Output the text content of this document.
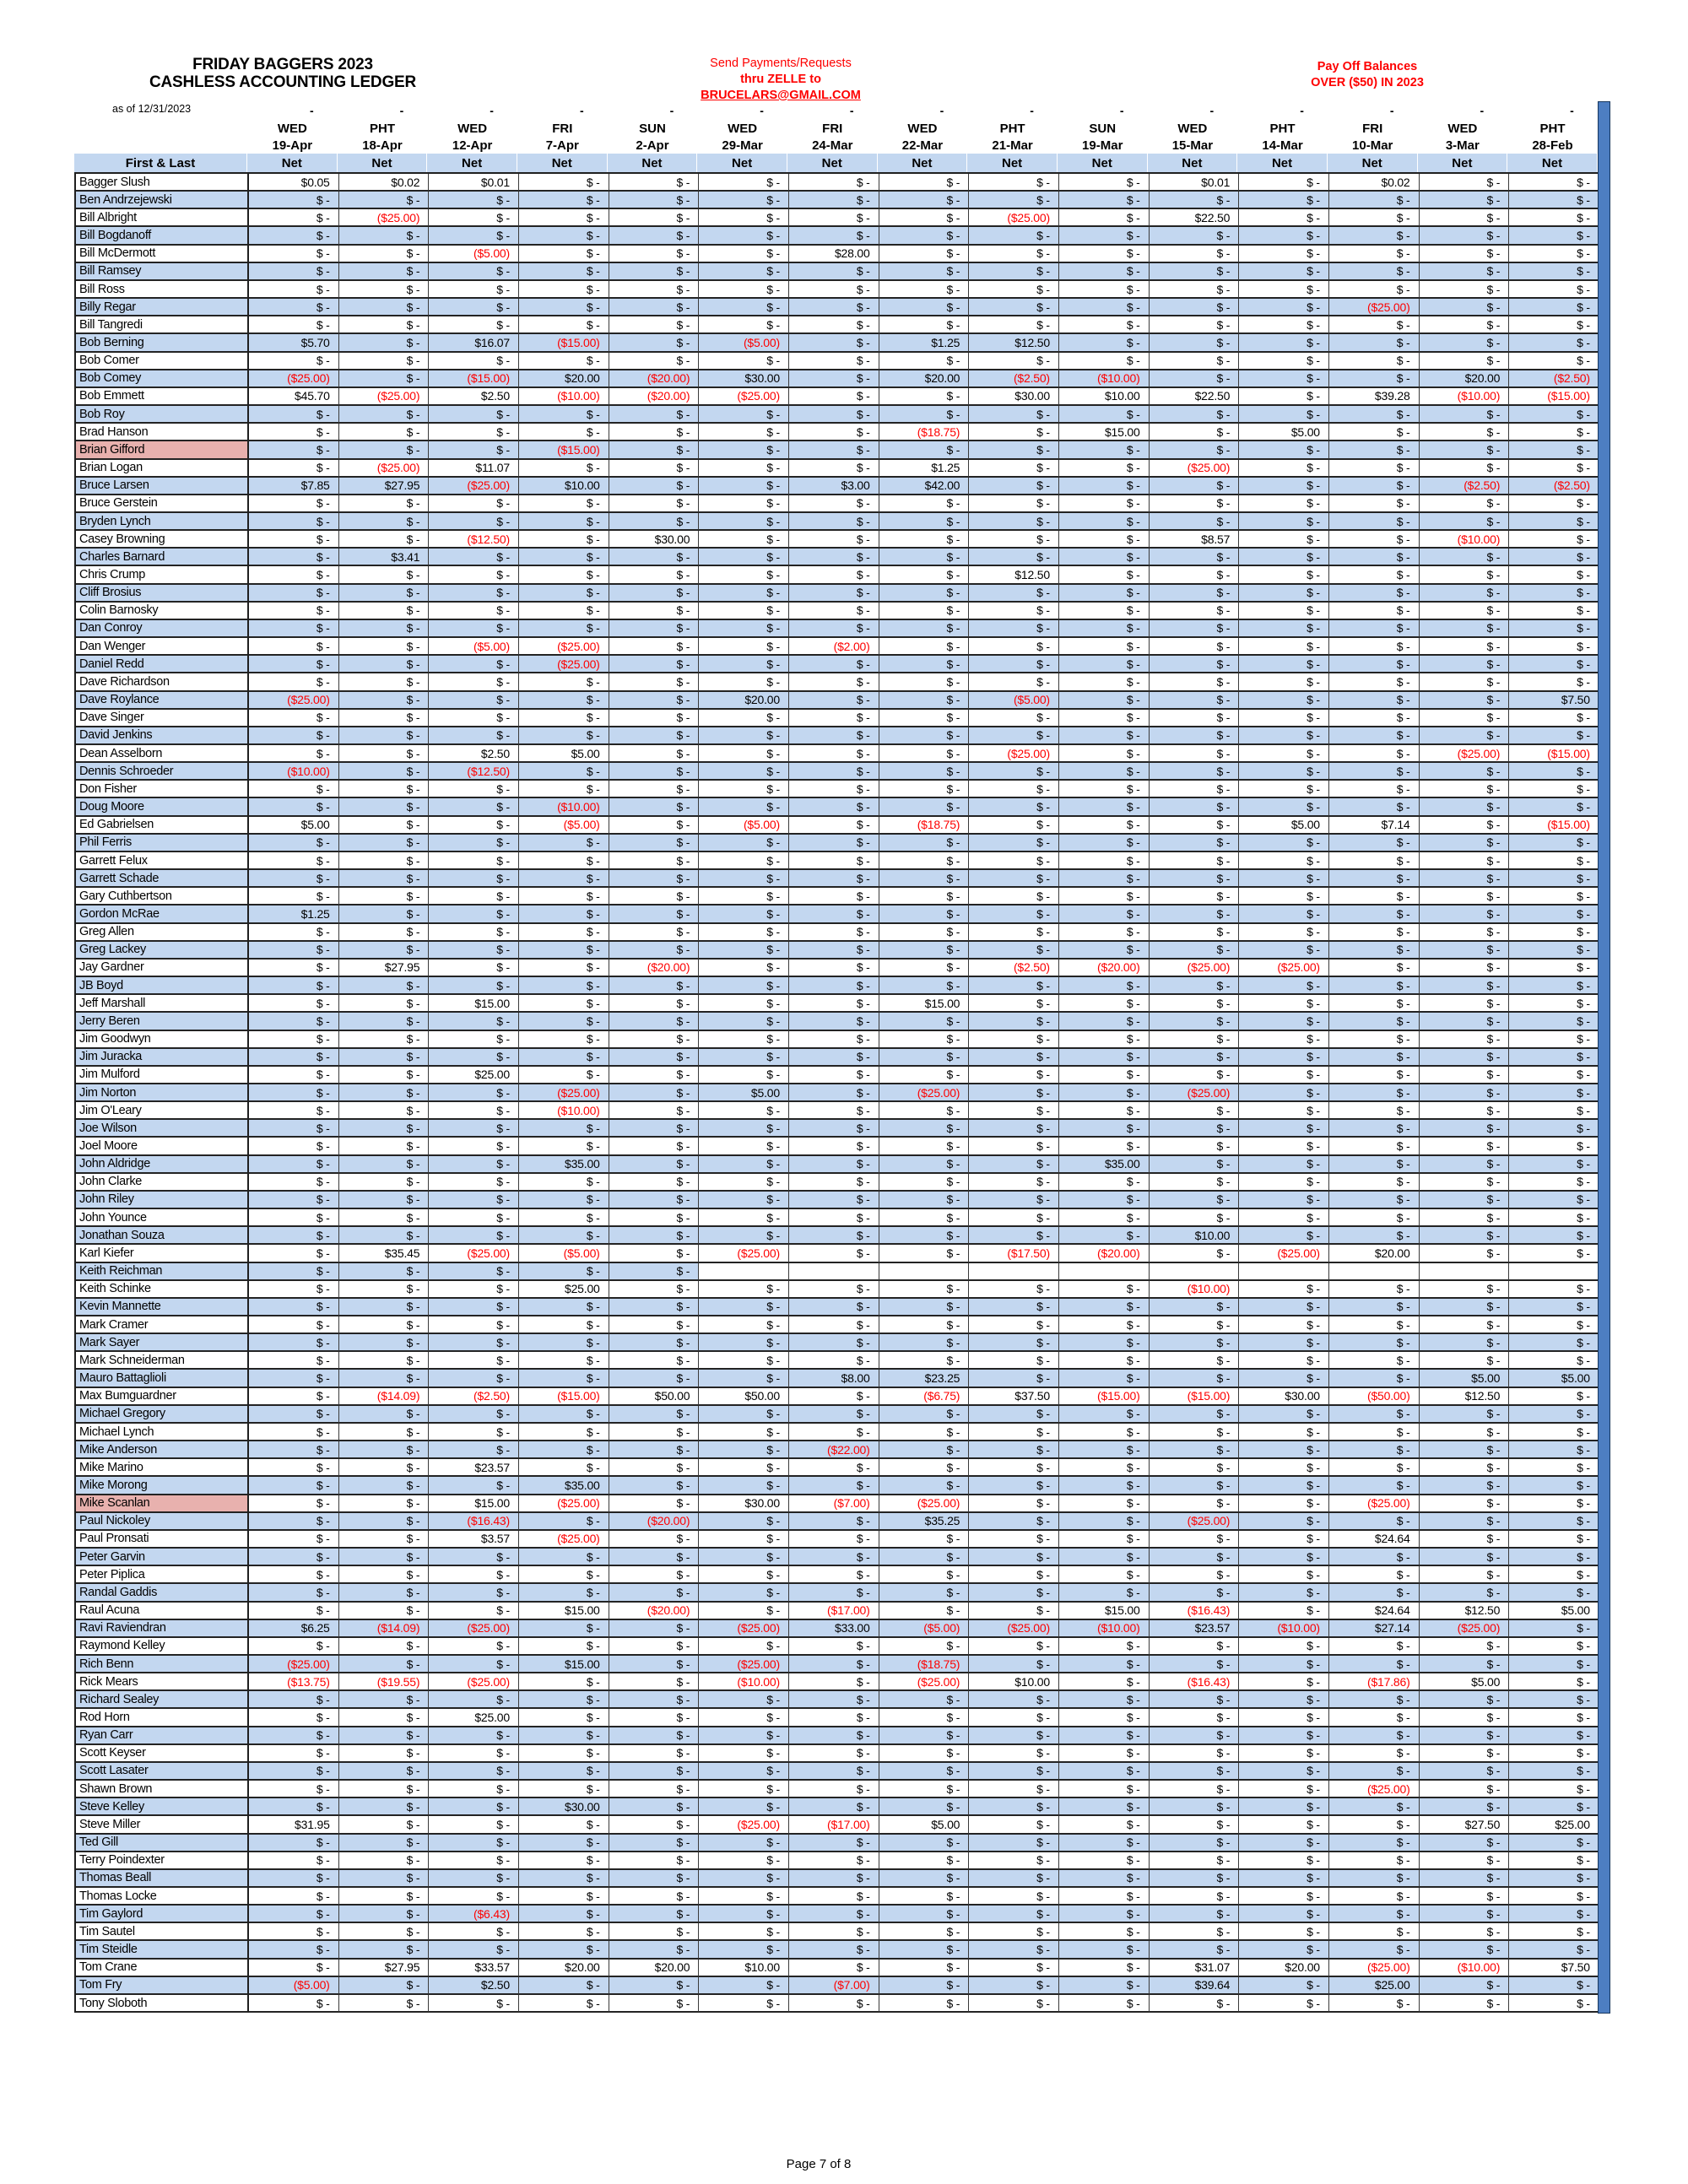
FRIDAY BAGGERS 2023
CASHLESS ACCOUNTING LEDGER
as of 12/31/2023
Send Payments/Requests
thru ZELLE to
BRUCELARS@GMAIL.COM
Pay Off Balances
OVER ($50) IN 2023
-	-	-	-	-	-	-	-	-	-	-	-	-	-	-
WED	PHT	WED	FRI	SUN	WED	FRI	WED	PHT	SUN	WED	PHT	FRI	WED	PHT
19-Apr	18-Apr	12-Apr	7-Apr	2-Apr	29-Mar	24-Mar	22-Mar	21-Mar	19-Mar	15-Mar	14-Mar	10-Mar	3-Mar	28-Feb
First & Last	Net	Net	Net	Net	Net	Net	Net	Net	Net	Net	Net	Net	Net	Net	Net
Bagger Slush	$0.05	$0.02	$0.01	$ -	$ -	$ -	$ -	$ -	$ -	$ -	$0.01	$ -	$0.02	$ -	$ -
Ben Andrzejewski	$ -	$ -	$ -	$ -	$ -	$ -	$ -	$ -	$ -	$ -	$ -	$ -	$ -	$ -	$ -
Bill Albright	$ -	($25.00)	$ -	$ -	$ -	$ -	$ -	$ -	($25.00)	$ -	$22.50	$ -	$ -	$ -	$ -
Bill Bogdanoff	$ -	$ -	$ -	$ -	$ -	$ -	$ -	$ -	$ -	$ -	$ -	$ -	$ -	$ -	$ -
Bill McDermott	$ -	$ -	($5.00)	$ -	$ -	$ -	$28.00	$ -	$ -	$ -	$ -	$ -	$ -	$ -	$ -
Bill Ramsey	$ -	$ -	$ -	$ -	$ -	$ -	$ -	$ -	$ -	$ -	$ -	$ -	$ -	$ -	$ -
Bill Ross	$ -	$ -	$ -	$ -	$ -	$ -	$ -	$ -	$ -	$ -	$ -	$ -	$ -	$ -	$ -
Billy Regar	$ -	$ -	$ -	$ -	$ -	$ -	$ -	$ -	$ -	$ -	$ -	$ -	($25.00)	$ -	$ -
Bill Tangredi	$ -	$ -	$ -	$ -	$ -	$ -	$ -	$ -	$ -	$ -	$ -	$ -	$ -	$ -	$ -
Bob Berning	$5.70	$ -	$16.07	($15.00)	$ -	($5.00)	$ -	$1.25	$12.50	$ -	$ -	$ -	$ -	$ -	$ -
Bob Comer	$ -	$ -	$ -	$ -	$ -	$ -	$ -	$ -	$ -	$ -	$ -	$ -	$ -	$ -	$ -
Bob Comey	($25.00)	$ -	($15.00)	$20.00	($20.00)	$30.00	$ -	$20.00	($2.50)	($10.00)	$ -	$ -	$ -	$20.00	($2.50)
Bob Emmett	$45.70	($25.00)	$2.50	($10.00)	($20.00)	($25.00)	$ -	$ -	$30.00	$10.00	$22.50	$ -	$39.28	($10.00)	($15.00)
Bob Roy	$ -	$ -	$ -	$ -	$ -	$ -	$ -	$ -	$ -	$ -	$ -	$ -	$ -	$ -	$ -
Brad Hanson	$ -	$ -	$ -	$ -	$ -	$ -	$ -	($18.75)	$ -	$15.00	$ -	$5.00	$ -	$ -	$ -
Brian Gifford	$ -	$ -	$ -	($15.00)	$ -	$ -	$ -	$ -	$ -	$ -	$ -	$ -	$ -	$ -	$ -
Brian Logan	$ -	($25.00)	$11.07	$ -	$ -	$ -	$ -	$1.25	$ -	$ -	($25.00)	$ -	$ -	$ -	$ -
Bruce Larsen	$7.85	$27.95	($25.00)	$10.00	$ -	$ -	$3.00	$42.00	$ -	$ -	$ -	$ -	$ -	($2.50)	($2.50)
Bruce Gerstein	$ -	$ -	$ -	$ -	$ -	$ -	$ -	$ -	$ -	$ -	$ -	$ -	$ -	$ -	$ -
Bryden Lynch	$ -	$ -	$ -	$ -	$ -	$ -	$ -	$ -	$ -	$ -	$ -	$ -	$ -	$ -	$ -
Casey Browning	$ -	$ -	($12.50)	$ -	$30.00	$ -	$ -	$ -	$ -	$ -	$8.57	$ -	$ -	($10.00)	$ -
Charles Barnard	$ -	$3.41	$ -	$ -	$ -	$ -	$ -	$ -	$ -	$ -	$ -	$ -	$ -	$ -	$ -
Chris Crump	$ -	$ -	$ -	$ -	$ -	$ -	$ -	$ -	$12.50	$ -	$ -	$ -	$ -	$ -	$ -
Cliff Brosius	$ -	$ -	$ -	$ -	$ -	$ -	$ -	$ -	$ -	$ -	$ -	$ -	$ -	$ -	$ -
Colin Barnosky	$ -	$ -	$ -	$ -	$ -	$ -	$ -	$ -	$ -	$ -	$ -	$ -	$ -	$ -	$ -
Dan Conroy	$ -	$ -	$ -	$ -	$ -	$ -	$ -	$ -	$ -	$ -	$ -	$ -	$ -	$ -	$ -
Dan Wenger	$ -	$ -	($5.00)	($25.00)	$ -	$ -	($2.00)	$ -	$ -	$ -	$ -	$ -	$ -	$ -	$ -
Daniel Redd	$ -	$ -	$ -	($25.00)	$ -	$ -	$ -	$ -	$ -	$ -	$ -	$ -	$ -	$ -	$ -
Dave Richardson	$ -	$ -	$ -	$ -	$ -	$ -	$ -	$ -	$ -	$ -	$ -	$ -	$ -	$ -	$ -
Dave Roylance	($25.00)	$ -	$ -	$ -	$ -	$20.00	$ -	$ -	($5.00)	$ -	$ -	$ -	$ -	$ -	$7.50
Dave Singer	$ -	$ -	$ -	$ -	$ -	$ -	$ -	$ -	$ -	$ -	$ -	$ -	$ -	$ -	$ -
David Jenkins	$ -	$ -	$ -	$ -	$ -	$ -	$ -	$ -	$ -	$ -	$ -	$ -	$ -	$ -	$ -
Dean Asselborn	$ -	$ -	$2.50	$5.00	$ -	$ -	$ -	$ -	($25.00)	$ -	$ -	$ -	$ -	($25.00)	($15.00)
Dennis Schroeder	($10.00)	$ -	($12.50)	$ -	$ -	$ -	$ -	$ -	$ -	$ -	$ -	$ -	$ -	$ -	$ -
Don Fisher	$ -	$ -	$ -	$ -	$ -	$ -	$ -	$ -	$ -	$ -	$ -	$ -	$ -	$ -	$ -
Doug Moore	$ -	$ -	$ -	($10.00)	$ -	$ -	$ -	$ -	$ -	$ -	$ -	$ -	$ -	$ -	$ -
Ed Gabrielsen	$5.00	$ -	$ -	($5.00)	$ -	($5.00)	$ -	($18.75)	$ -	$ -	$ -	$5.00	$7.14	$ -	($15.00)
Phil Ferris	$ -	$ -	$ -	$ -	$ -	$ -	$ -	$ -	$ -	$ -	$ -	$ -	$ -	$ -	$ -
Garrett Felux	$ -	$ -	$ -	$ -	$ -	$ -	$ -	$ -	$ -	$ -	$ -	$ -	$ -	$ -	$ -
Garrett Schade	$ -	$ -	$ -	$ -	$ -	$ -	$ -	$ -	$ -	$ -	$ -	$ -	$ -	$ -	$ -
Gary Cuthbertson	$ -	$ -	$ -	$ -	$ -	$ -	$ -	$ -	$ -	$ -	$ -	$ -	$ -	$ -	$ -
Gordon McRae	$1.25	$ -	$ -	$ -	$ -	$ -	$ -	$ -	$ -	$ -	$ -	$ -	$ -	$ -	$ -
Greg Allen	$ -	$ -	$ -	$ -	$ -	$ -	$ -	$ -	$ -	$ -	$ -	$ -	$ -	$ -	$ -
Greg Lackey	$ -	$ -	$ -	$ -	$ -	$ -	$ -	$ -	$ -	$ -	$ -	$ -	$ -	$ -	$ -
Jay Gardner	$ -	$27.95	$ -	$ -	($20.00)	$ -	$ -	$ -	($2.50)	($20.00)	($25.00)	($25.00)	$ -	$ -	$ -
JB Boyd	$ -	$ -	$ -	$ -	$ -	$ -	$ -	$ -	$ -	$ -	$ -	$ -	$ -	$ -	$ -
Jeff Marshall	$ -	$ -	$15.00	$ -	$ -	$ -	$ -	$15.00	$ -	$ -	$ -	$ -	$ -	$ -	$ -
Jerry Beren	$ -	$ -	$ -	$ -	$ -	$ -	$ -	$ -	$ -	$ -	$ -	$ -	$ -	$ -	$ -
Jim Goodwyn	$ -	$ -	$ -	$ -	$ -	$ -	$ -	$ -	$ -	$ -	$ -	$ -	$ -	$ -	$ -
Jim Juracka	$ -	$ -	$ -	$ -	$ -	$ -	$ -	$ -	$ -	$ -	$ -	$ -	$ -	$ -	$ -
Jim Mulford	$ -	$ -	$25.00	$ -	$ -	$ -	$ -	$ -	$ -	$ -	$ -	$ -	$ -	$ -	$ -
Jim Norton	$ -	$ -	$ -	($25.00)	$ -	$5.00	$ -	($25.00)	$ -	$ -	($25.00)	$ -	$ -	$ -	$ -
Jim O'Leary	$ -	$ -	$ -	($10.00)	$ -	$ -	$ -	$ -	$ -	$ -	$ -	$ -	$ -	$ -	$ -
Joe Wilson	$ -	$ -	$ -	$ -	$ -	$ -	$ -	$ -	$ -	$ -	$ -	$ -	$ -	$ -	$ -
Joel Moore	$ -	$ -	$ -	$ -	$ -	$ -	$ -	$ -	$ -	$ -	$ -	$ -	$ -	$ -	$ -
John Aldridge	$ -	$ -	$ -	$35.00	$ -	$ -	$ -	$ -	$ -	$35.00	$ -	$ -	$ -	$ -	$ -
John Clarke	$ -	$ -	$ -	$ -	$ -	$ -	$ -	$ -	$ -	$ -	$ -	$ -	$ -	$ -	$ -
John Riley	$ -	$ -	$ -	$ -	$ -	$ -	$ -	$ -	$ -	$ -	$ -	$ -	$ -	$ -	$ -
John Younce	$ -	$ -	$ -	$ -	$ -	$ -	$ -	$ -	$ -	$ -	$ -	$ -	$ -	$ -	$ -
Jonathan Souza	$ -	$ -	$ -	$ -	$ -	$ -	$ -	$ -	$ -	$ -	$10.00	$ -	$ -	$ -	$ -
Karl Kiefer	$ -	$35.45	($25.00)	($5.00)	$ -	($25.00)	$ -	$ -	($17.50)	($20.00)	$ -	($25.00)	$20.00	$ -	$ -
Keith Reichman	$ -	$ -	$ -	$ -	$ -
Keith Schinke	$ -	$ -	$ -	$25.00	$ -	$ -	$ -	$ -	$ -	$ -	($10.00)	$ -	$ -	$ -	$ -
Kevin Mannette	$ -	$ -	$ -	$ -	$ -	$ -	$ -	$ -	$ -	$ -	$ -	$ -	$ -	$ -	$ -
Mark Cramer	$ -	$ -	$ -	$ -	$ -	$ -	$ -	$ -	$ -	$ -	$ -	$ -	$ -	$ -	$ -
Mark Sayer	$ -	$ -	$ -	$ -	$ -	$ -	$ -	$ -	$ -	$ -	$ -	$ -	$ -	$ -	$ -
Mark Schneiderman	$ -	$ -	$ -	$ -	$ -	$ -	$ -	$ -	$ -	$ -	$ -	$ -	$ -	$ -	$ -
Mauro Battaglioli	$ -	$ -	$ -	$ -	$ -	$ -	$8.00	$23.25	$ -	$ -	$ -	$ -	$ -	$5.00	$5.00
Max Bumguardner	$ -	($14.09)	($2.50)	($15.00)	$50.00	$50.00	$ -	($6.75)	$37.50	($15.00)	($15.00)	$30.00	($50.00)	$12.50	$ -
Michael Gregory	$ -	$ -	$ -	$ -	$ -	$ -	$ -	$ -	$ -	$ -	$ -	$ -	$ -	$ -	$ -
Michael Lynch	$ -	$ -	$ -	$ -	$ -	$ -	$ -	$ -	$ -	$ -	$ -	$ -	$ -	$ -	$ -
Mike Anderson	$ -	$ -	$ -	$ -	$ -	$ -	($22.00)	$ -	$ -	$ -	$ -	$ -	$ -	$ -	$ -
Mike Marino	$ -	$ -	$23.57	$ -	$ -	$ -	$ -	$ -	$ -	$ -	$ -	$ -	$ -	$ -	$ -
Mike Morong	$ -	$ -	$ -	$35.00	$ -	$ -	$ -	$ -	$ -	$ -	$ -	$ -	$ -	$ -	$ -
Mike Scanlan	$ -	$ -	$15.00	($25.00)	$ -	$30.00	($7.00)	($25.00)	$ -	$ -	$ -	$ -	($25.00)	$ -	$ -
Paul Nickoley	$ -	$ -	($16.43)	$ -	($20.00)	$ -	$ -	$35.25	$ -	$ -	($25.00)	$ -	$ -	$ -	$ -
Paul Pronsati	$ -	$ -	$3.57	($25.00)	$ -	$ -	$ -	$ -	$ -	$ -	$ -	$ -	$24.64	$ -	$ -
Peter Garvin	$ -	$ -	$ -	$ -	$ -	$ -	$ -	$ -	$ -	$ -	$ -	$ -	$ -	$ -	$ -
Peter Piplica	$ -	$ -	$ -	$ -	$ -	$ -	$ -	$ -	$ -	$ -	$ -	$ -	$ -	$ -	$ -
Randal Gaddis	$ -	$ -	$ -	$ -	$ -	$ -	$ -	$ -	$ -	$ -	$ -	$ -	$ -	$ -	$ -
Raul Acuna	$ -	$ -	$ -	$15.00	($20.00)	$ -	($17.00)	$ -	$ -	$15.00	($16.43)	$ -	$24.64	$12.50	$5.00
Ravi Raviendran	$6.25	($14.09)	($25.00)	$ -	$ -	($25.00)	$33.00	($5.00)	($25.00)	($10.00)	$23.57	($10.00)	$27.14	($25.00)	$ -
Raymond Kelley	$ -	$ -	$ -	$ -	$ -	$ -	$ -	$ -	$ -	$ -	$ -	$ -	$ -	$ -	$ -
Rich Benn	($25.00)	$ -	$ -	$15.00	$ -	($25.00)	$ -	($18.75)	$ -	$ -	$ -	$ -	$ -	$ -	$ -
Rick Mears	($13.75)	($19.55)	($25.00)	$ -	$ -	($10.00)	$ -	($25.00)	$10.00	$ -	($16.43)	$ -	($17.86)	$5.00	$ -
Richard Sealey	$ -	$ -	$ -	$ -	$ -	$ -	$ -	$ -	$ -	$ -	$ -	$ -	$ -	$ -	$ -
Rod Horn	$ -	$ -	$25.00	$ -	$ -	$ -	$ -	$ -	$ -	$ -	$ -	$ -	$ -	$ -	$ -
Ryan Carr	$ -	$ -	$ -	$ -	$ -	$ -	$ -	$ -	$ -	$ -	$ -	$ -	$ -	$ -	$ -
Scott Keyser	$ -	$ -	$ -	$ -	$ -	$ -	$ -	$ -	$ -	$ -	$ -	$ -	$ -	$ -	$ -
Scott Lasater	$ -	$ -	$ -	$ -	$ -	$ -	$ -	$ -	$ -	$ -	$ -	$ -	$ -	$ -	$ -
Shawn Brown	$ -	$ -	$ -	$ -	$ -	$ -	$ -	$ -	$ -	$ -	$ -	$ -	($25.00)	$ -	$ -
Steve Kelley	$ -	$ -	$ -	$30.00	$ -	$ -	$ -	$ -	$ -	$ -	$ -	$ -	$ -	$ -	$ -
Steve Miller	$31.95	$ -	$ -	$ -	$ -	($25.00)	($17.00)	$5.00	$ -	$ -	$ -	$ -	$ -	$27.50	$25.00
Ted Gill	$ -	$ -	$ -	$ -	$ -	$ -	$ -	$ -	$ -	$ -	$ -	$ -	$ -	$ -	$ -
Terry Poindexter	$ -	$ -	$ -	$ -	$ -	$ -	$ -	$ -	$ -	$ -	$ -	$ -	$ -	$ -	$ -
Thomas Beall	$ -	$ -	$ -	$ -	$ -	$ -	$ -	$ -	$ -	$ -	$ -	$ -	$ -	$ -	$ -
Thomas Locke	$ -	$ -	$ -	$ -	$ -	$ -	$ -	$ -	$ -	$ -	$ -	$ -	$ -	$ -	$ -
Tim Gaylord	$ -	$ -	($6.43)	$ -	$ -	$ -	$ -	$ -	$ -	$ -	$ -	$ -	$ -	$ -	$ -
Tim Sautel	$ -	$ -	$ -	$ -	$ -	$ -	$ -	$ -	$ -	$ -	$ -	$ -	$ -	$ -	$ -
Tim Steidle	$ -	$ -	$ -	$ -	$ -	$ -	$ -	$ -	$ -	$ -	$ -	$ -	$ -	$ -	$ -
Tom Crane	$ -	$27.95	$33.57	$20.00	$20.00	$10.00	$ -	$ -	$ -	$ -	$31.07	$20.00	($25.00)	($10.00)	$7.50
Tom Fry	($5.00)	$ -	$2.50	$ -	$ -	$ -	($7.00)	$ -	$ -	$ -	$39.64	$ -	$25.00	$ -	$ -
Tony Sloboth	$ -	$ -	$ -	$ -	$ -	$ -	$ -	$ -	$ -	$ -	$ -	$ -	$ -	$ -	$ -
Page 7 of 8
